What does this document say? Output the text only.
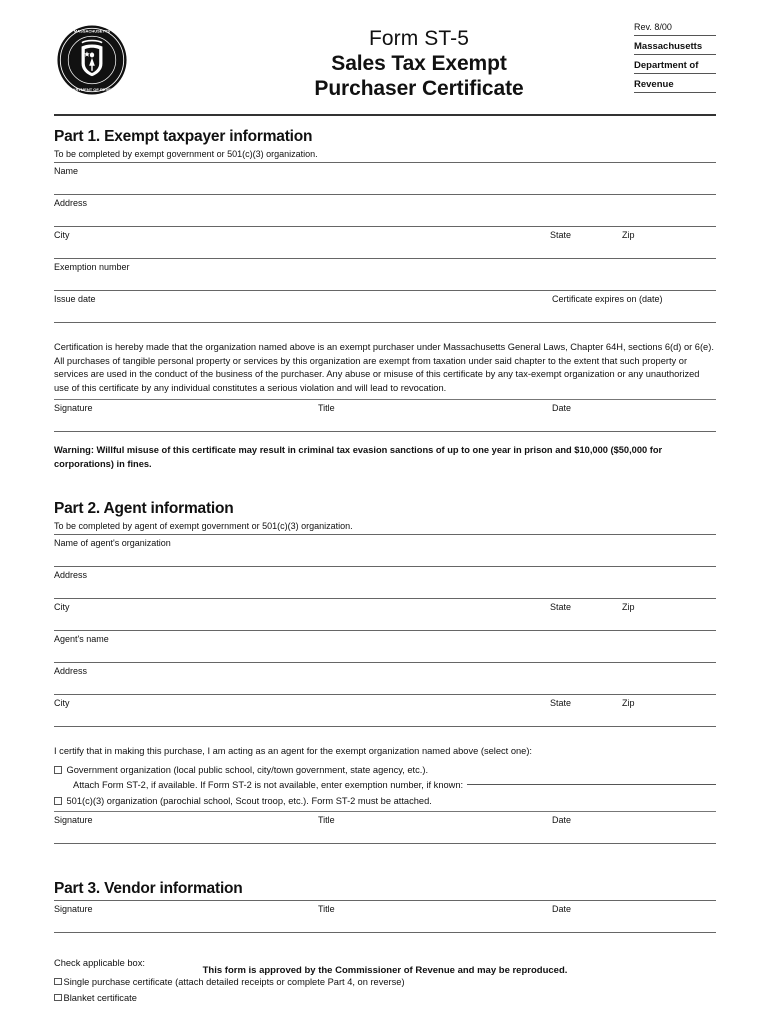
MASSACHUSETTS
DEPARTMENT OF REVENUE
Form ST-5
Sales Tax Exempt
Purchaser Certificate
Rev. 8/00
Massachusetts
Department of
Revenue
Part 1. Exempt taxpayer information
To be completed by exempt government or 501(c)(3) organization.
Name
Address
City	State	Zip
Exemption number
Issue date	Certificate expires on (date)

Certification is hereby made that the organization named above is an exempt purchaser under Massachusetts General Laws, Chapter 64H, sections 6(d) or 6(e). All purchases of tangible personal property or services by this organization are exempt from taxation under said chapter to the extent that such property or services are used in the conduct of the business of the purchaser. Any abuse or misuse of this certificate by any tax-exempt organization or any unauthorized use of this certificate by any individual constitutes a serious violation and will lead to revocation.

Signature	Title	Date

Warning: Willful misuse of this certificate may result in criminal tax evasion sanctions of up to one year in prison and $10,000 ($50,000 for corporations) in fines.

Part 2. Agent information
To be completed by agent of exempt government or 501(c)(3) organization.
Name of agent's organization
Address
City	State	Zip
Agent's name
Address
City	State	Zip

I certify that in making this purchase, I am acting as an agent for the exempt organization named above (select one):

Government organization (local public school, city/town government, state agency, etc.).
Attach Form ST-2, if available. If Form ST-2 is not available, enter exemption number, if known:
501(c)(3) organization (parochial school, Scout troop, etc.). Form ST-2 must be attached.
Signature	Title	Date
Part 3. Vendor information
Signature	Title	Date

Check applicable box:

Single purchase certificate (attach detailed receipts or complete Part 4, on reverse)
Blanket certificate
This form is approved by the Commissioner of Revenue and may be reproduced.
